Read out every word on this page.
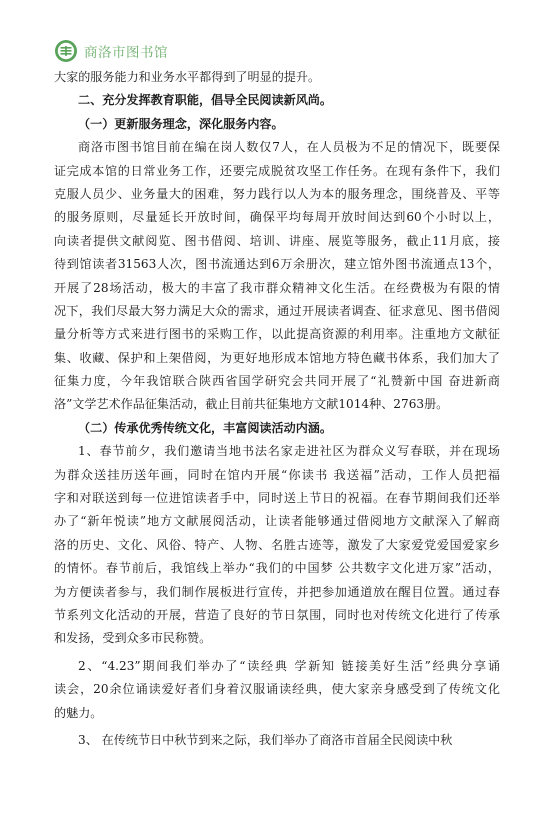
商洛市图书馆
大家的服务能力和业务水平都得到了明显的提升。
二、充分发挥教育职能，倡导全民阅读新风尚。
（一）更新服务理念，深化服务内容。
商洛市图书馆目前在编在岗人数仅7人，在人员极为不足的情况下，既要保
证完成本馆的日常业务工作，还要完成脱贫攻坚工作任务。在现有条件下，我们
克服人员少、业务量大的困难，努力践行以人为本的服务理念，围绕普及、平等
的服务原则，尽量延长开放时间，确保平均每周开放时间达到60个小时以上，
向读者提供文献阅览、图书借阅、培训、讲座、展览等服务，截止11月底，接
待到馆读者31563人次，图书流通达到6万余册次，建立馆外图书流通点13个，
开展了28场活动，极大的丰富了我市群众精神文化生活。在经费极为有限的情
况下，我们尽最大努力满足大众的需求，通过开展读者调查、征求意见、图书借阅
量分析等方式来进行图书的采购工作，以此提高资源的利用率。注重地方文献征
集、收藏、保护和上架借阅，为更好地形成本馆地方特色藏书体系，我们加大了
征集力度，今年我馆联合陕西省国学研究会共同开展了“礼赞新中国 奋进新商
洛”文学艺术作品征集活动，截止目前共征集地方文献1014种、2763册。
（二）传承优秀传统文化，丰富阅读活动内涵。
1、春节前夕，我们邀请当地书法名家走进社区为群众义写春联，并在现场
为群众送挂历送年画，同时在馆内开展“你读书 我送福”活动，工作人员把福
字和对联送到每一位进馆读者手中，同时送上节日的祝福。在春节期间我们还举
办了“新年悦读”地方文献展阅活动，让读者能够通过借阅地方文献深入了解商
洛的历史、文化、风俗、特产、人物、名胜古迹等，激发了大家爱党爱国爱家乡
的情怀。春节前后，我馆线上举办“我们的中国梦 公共数字文化进万家”活动，
为方便读者参与，我们制作展板进行宣传，并把参加通道放在醒目位置。通过春
节系列文化活动的开展，营造了良好的节日氛围，同时也对传统文化进行了传承
和发扬，受到众多市民称赞。
2、“4.23”期间我们举办了“读经典 学新知 链接美好生活”经典分享诵
读会，20余位诵读爱好者们身着汉服诵读经典，使大家亲身感受到了传统文化
的魅力。
3、 在传统节日中秋节到来之际，我们举办了商洛市首届全民阅读中秋
